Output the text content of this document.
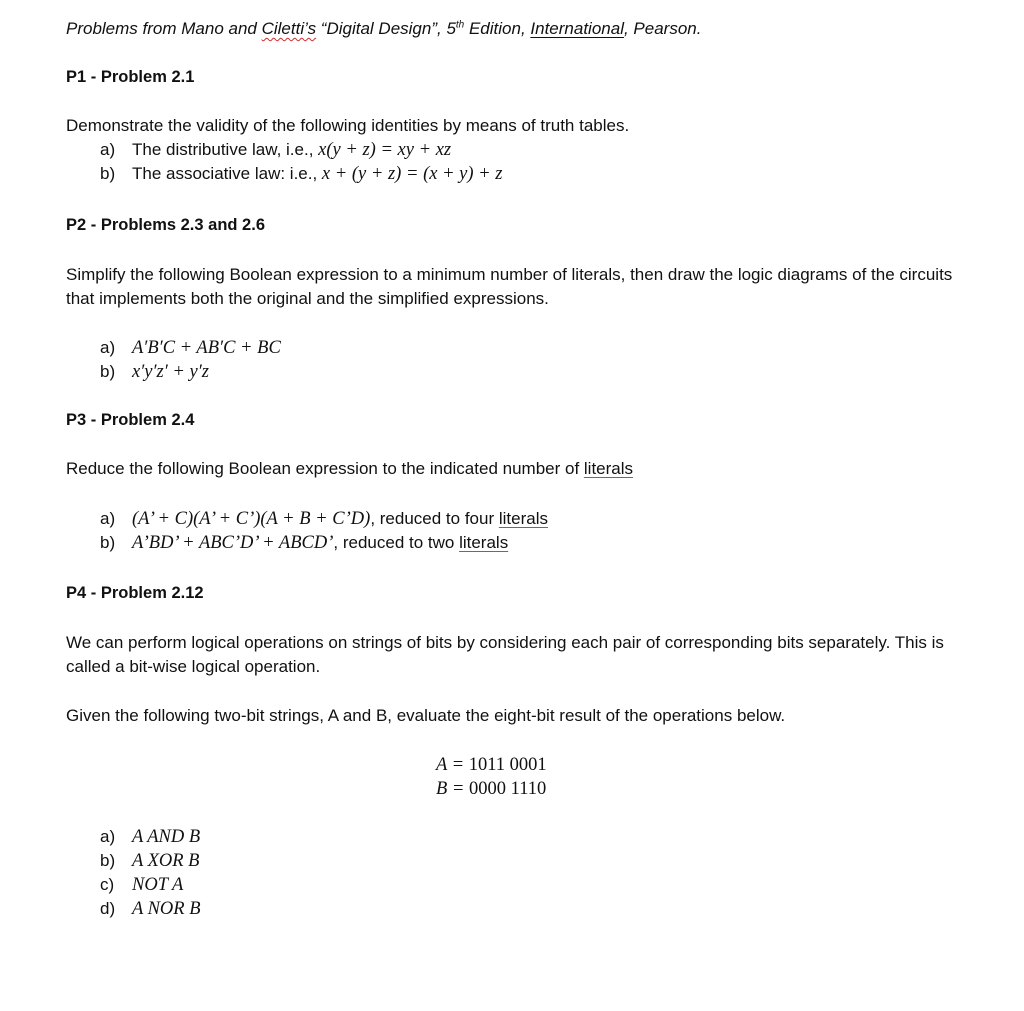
Problems from Mano and Ciletti’s “Digital Design”, 5th Edition, International, Pearson.
P1 - Problem 2.1
Demonstrate the validity of the following identities by means of truth tables.
a) The distributive law, i.e., x(y + z) = xy + xz
b) The associative law: i.e., x + (y + z) = (x + y) + z
P2 - Problems 2.3 and 2.6
Simplify the following Boolean expression to a minimum number of literals, then draw the logic diagrams of the circuits that implements both the original and the simplified expressions.
a) A′B′C + AB′C + BC
b) x′y′z′ + y′z
P3 - Problem 2.4
Reduce the following Boolean expression to the indicated number of literals
a) (A’ + C)(A’ + C’)(A + B + C’D), reduced to four literals
b) A’BD’ + ABC’D’ + ABCD’, reduced to two literals
P4 - Problem 2.12
We can perform logical operations on strings of bits by considering each pair of corresponding bits separately. This is called a bit-wise logical operation.
Given the following two-bit strings, A and B, evaluate the eight-bit result of the operations below.
A = 1011 0001
B = 0000 1110
a) A AND B
b) A XOR B
c) NOT A
d) A NOR B
